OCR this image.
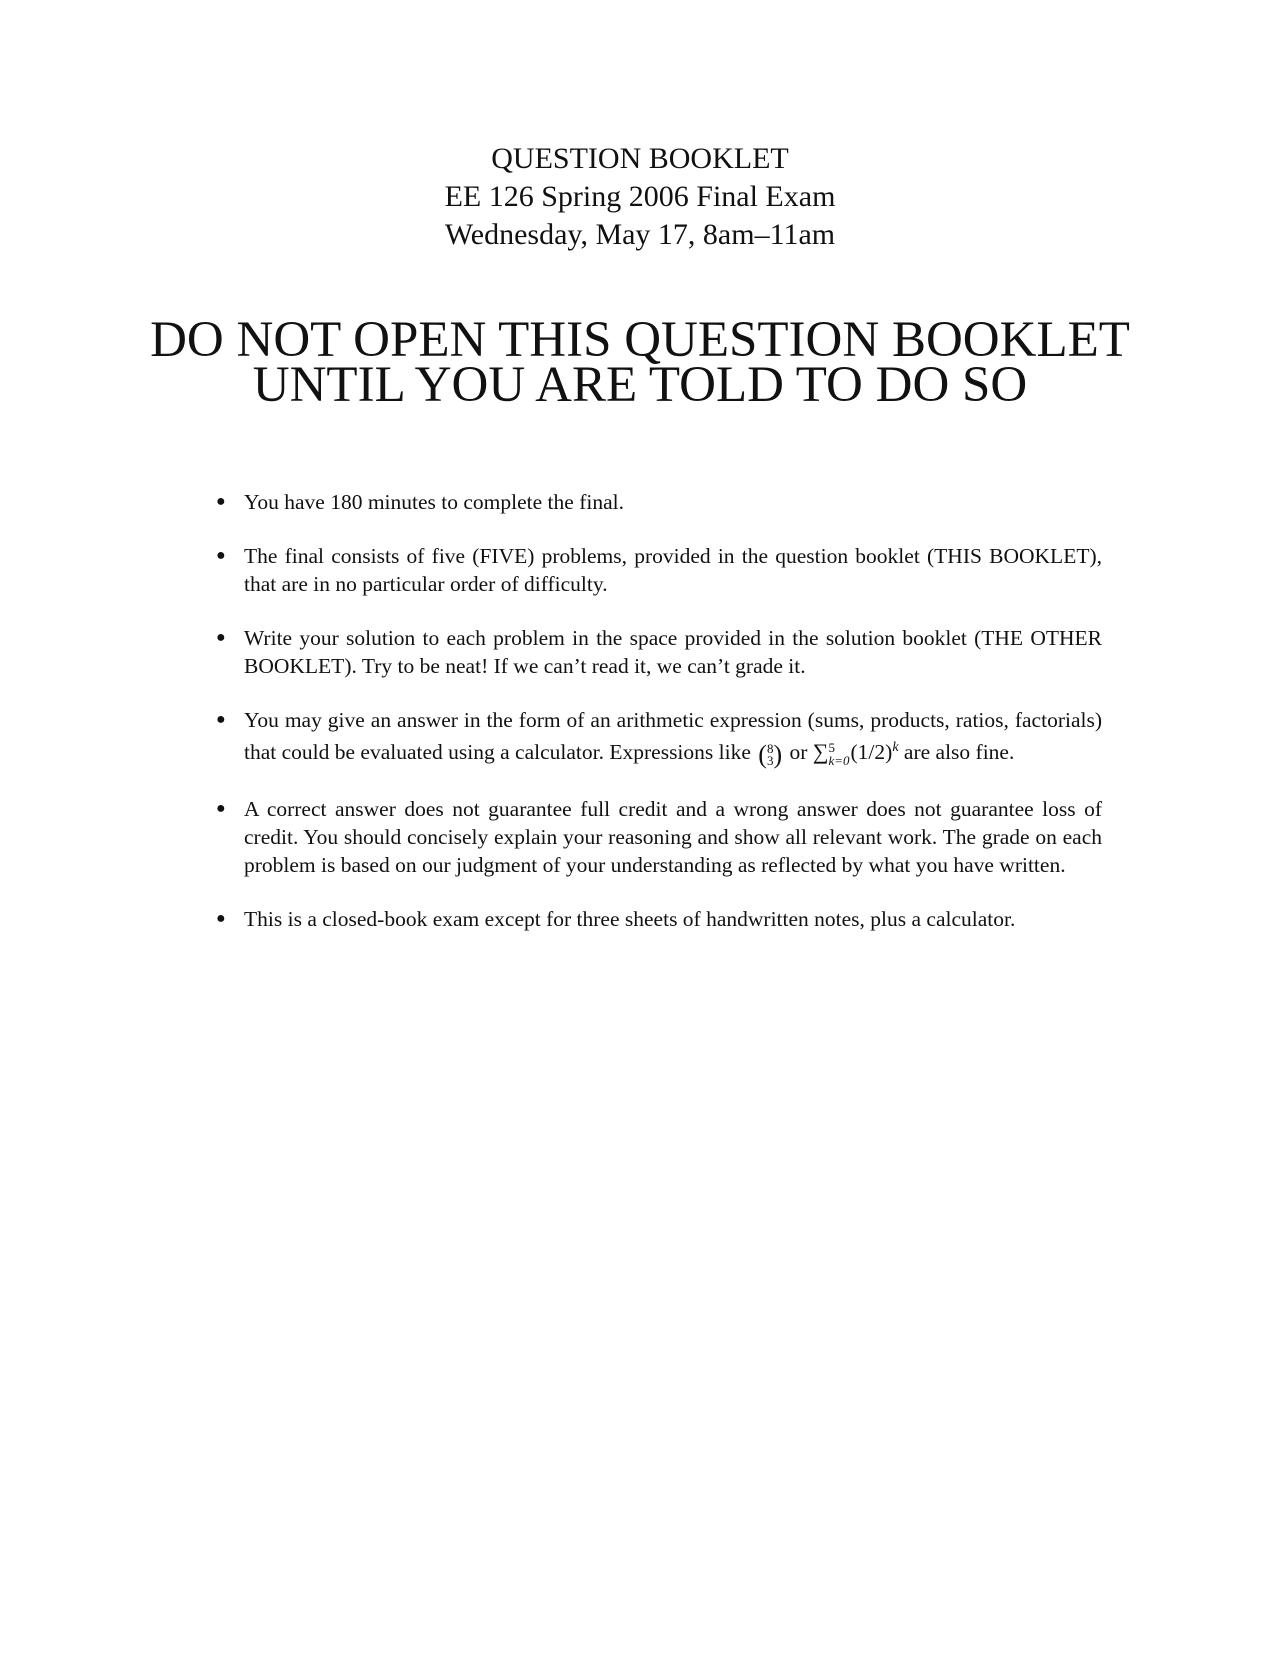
QUESTION BOOKLET

EE 126 Spring 2006 Final Exam

Wednesday, May 17, 8am–11am

DO NOT OPEN THIS QUESTION BOOKLET UNTIL YOU ARE TOLD TO DO SO

● You have 180 minutes to complete the final.
● The final consists of five (FIVE) problems, provided in the question booklet (THIS BOOKLET), that are in no particular order of difficulty.
● Write your solution to each problem in the space provided in the solution booklet (THE OTHER BOOKLET). Try to be neat! If we can’t read it, we can’t grade it.
● You may give an answer in the form of an arithmetic expression (sums, products, ratios, factorials) that could be evaluated using a calculator. Expressions like ( 8
3 ) or ∑ 5
k=0 $(1/2)^k$ are also fine.
● A correct answer does not guarantee full credit and a wrong answer does not guarantee loss of credit. You should concisely explain your reasoning and show all relevant work. The grade on each problem is based on our judgment of your understanding as reflected by what you have written.
● This is a closed-book exam except for three sheets of handwritten notes, plus a calculator.
